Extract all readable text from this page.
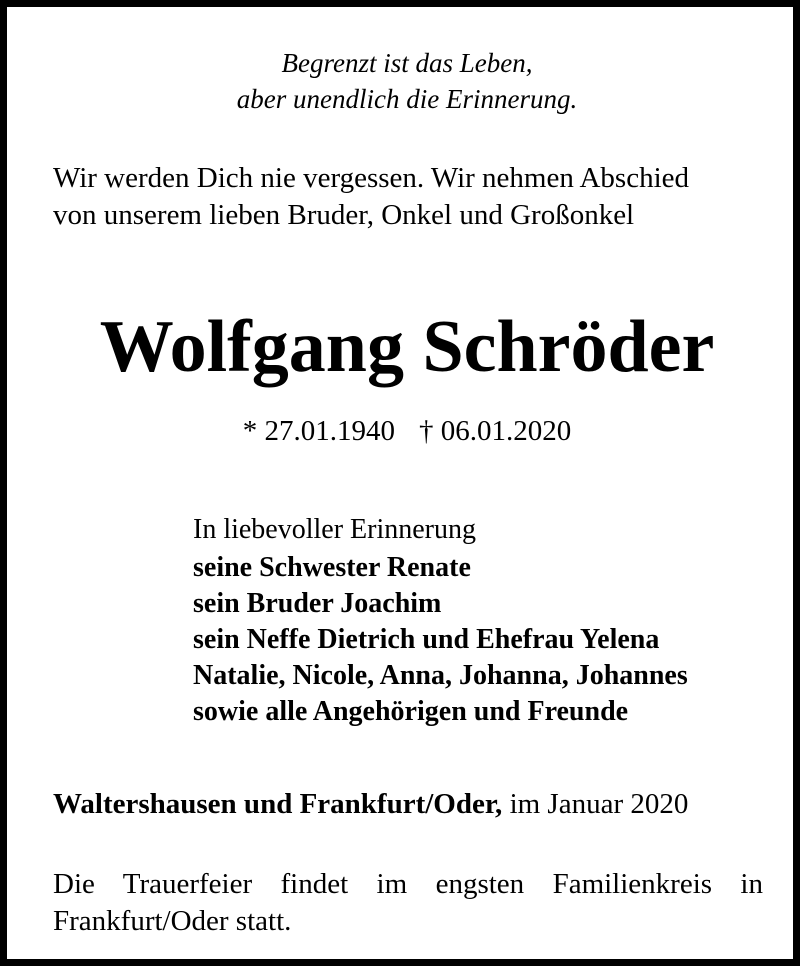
Begrenzt ist das Leben,
aber unendlich die Erinnerung.
Wir werden Dich nie vergessen. Wir nehmen Abschied
von unserem lieben Bruder, Onkel und Großonkel
Wolfgang Schröder
* 27.01.1940 † 06.01.2020
In liebevoller Erinnerung
seine Schwester Renate
sein Bruder Joachim
sein Neffe Dietrich und Ehefrau Yelena
Natalie, Nicole, Anna, Johanna, Johannes
sowie alle Angehörigen und Freunde
Waltershausen und Frankfurt/Oder, im Januar 2020
Die Trauerfeier findet im engsten Familienkreis in
Frankfurt/Oder statt.
